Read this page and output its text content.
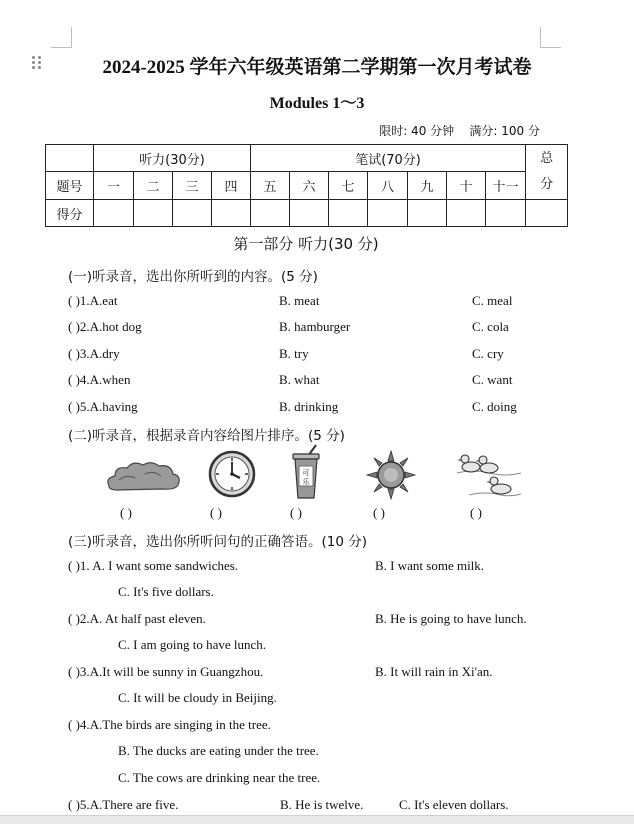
2024-2025 学年六年级英语第二学期第一次月考试卷
Modules 1～3
限时: 40 分钟 满分: 100 分
	听力(30分)				笔试(70分)							总分
题号	一	二	三	四	五	六	七	八	九	十	十一	
得分												
第一部分 听力(30 分)
(一)听录音，选出你所听到的内容。(5 分)
( )1.A.eat	B. meat	C. meal
( )2.A.hot dog	B. hamburger	C. cola
( )3.A.dry	B. try	C. cry
( )4.A.when	B. what	C. want
( )5.A.having	B. drinking	C. doing
(二)听录音，根据录音内容给图片排序。(5 分)
可乐
( )	( )	( )	( )	( )
(三)听录音，选出你所听问句的正确答语。(10 分)
( )1. A. I want some sandwiches.	B. I want some milk.
C. It's five dollars.
( )2.A. At half past eleven.	B. He is going to have lunch.
C. I am going to have lunch.
( )3.A.It will be sunny in Guangzhou.	B. It will rain in Xi'an.
C. It will be cloudy in Beijing.
( )4.A.The birds are singing in the tree.
B. The ducks are eating under the tree.
C. The cows are drinking near the tree.
( )5.A.There are five.	B. He is twelve.	C. It's eleven dollars.
